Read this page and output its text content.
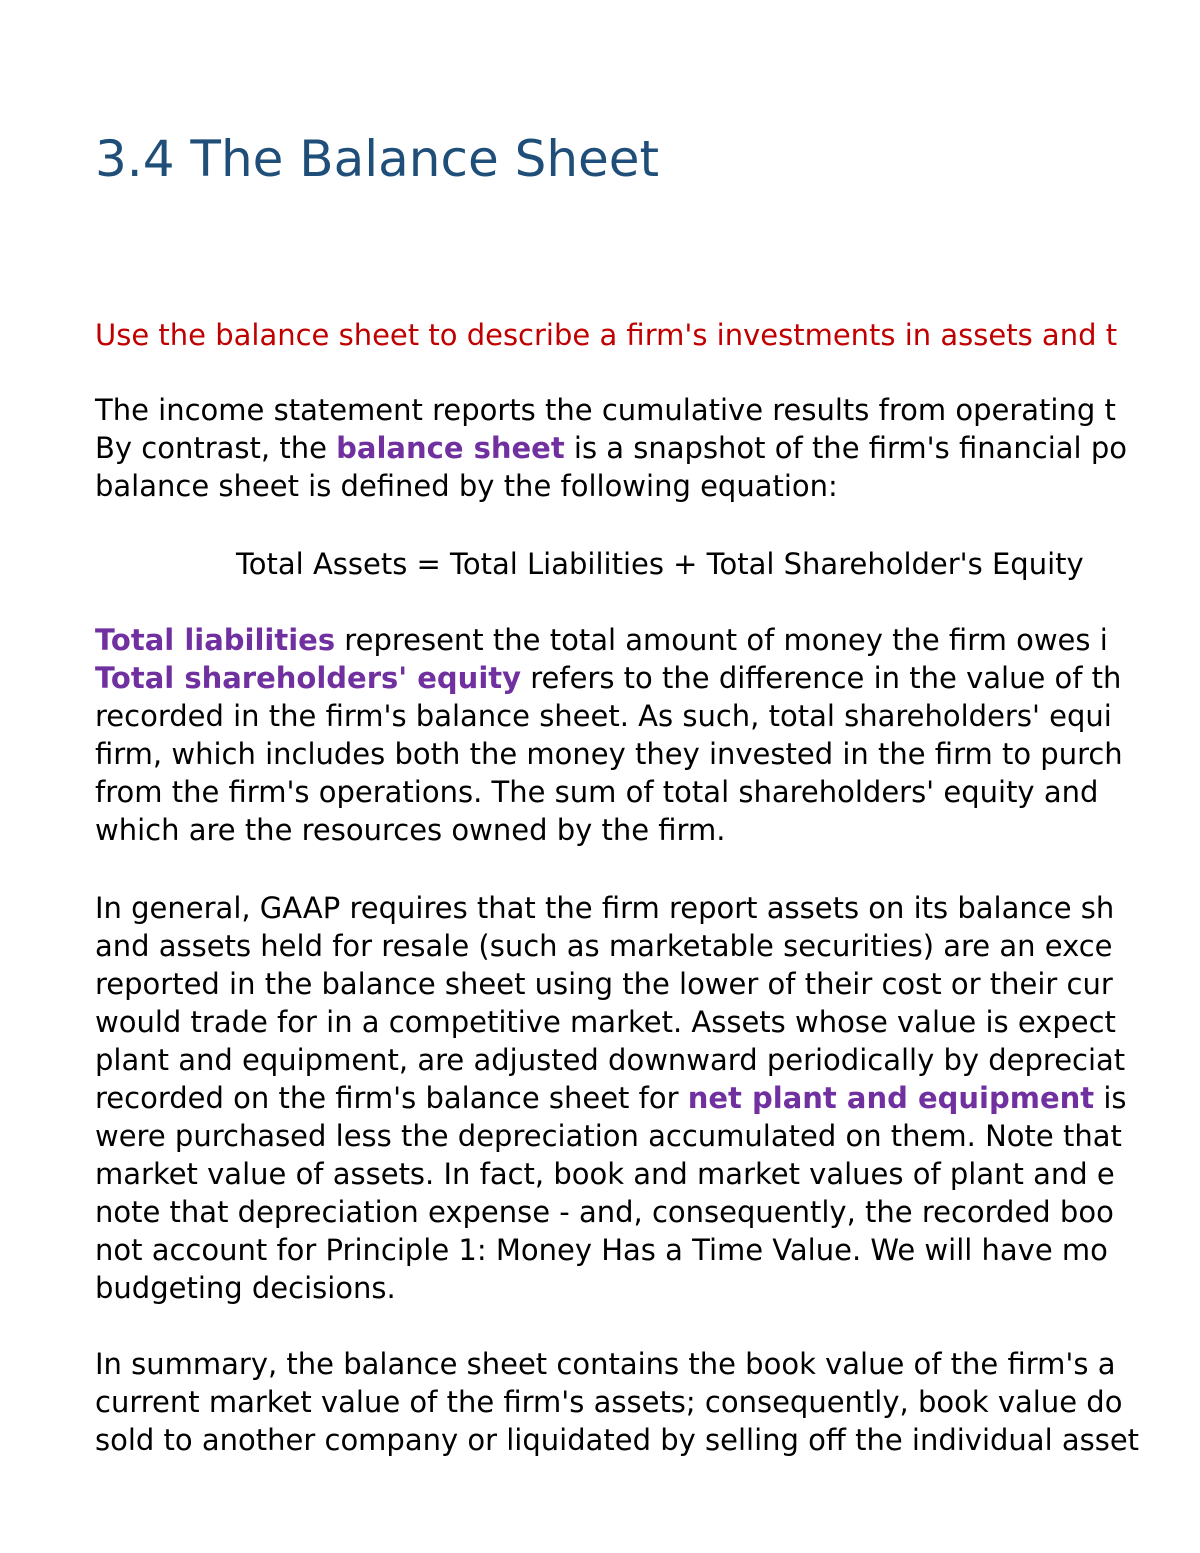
3.4 The Balance Sheet
Use the balance sheet to describe a firm's investments in assets and t
The income statement reports the cumulative results from operating t
By contrast, the balance sheet is a snapshot of the firm's financial po
balance sheet is defined by the following equation:
Total Assets = Total Liabilities + Total Shareholder's Equity
Total liabilities represent the total amount of money the firm owes i
Total shareholders' equity refers to the difference in the value of th
recorded in the firm's balance sheet. As such, total shareholders' equi
firm, which includes both the money they invested in the firm to purch
from the firm's operations. The sum of total shareholders' equity and
which are the resources owned by the firm.
In general, GAAP requires that the firm report assets on its balance sh
and assets held for resale (such as marketable securities) are an exce
reported in the balance sheet using the lower of their cost or their cur
would trade for in a competitive market. Assets whose value is expect
plant and equipment, are adjusted downward periodically by depreciat
recorded on the firm's balance sheet for net plant and equipment is
were purchased less the depreciation accumulated on them. Note that
market value of assets. In fact, book and market values of plant and e
note that depreciation expense - and, consequently, the recorded boo
not account for Principle 1: Money Has a Time Value. We will have mo
budgeting decisions.
In summary, the balance sheet contains the book value of the firm's a
current market value of the firm's assets; consequently, book value do
sold to another company or liquidated by selling off the individual asset
